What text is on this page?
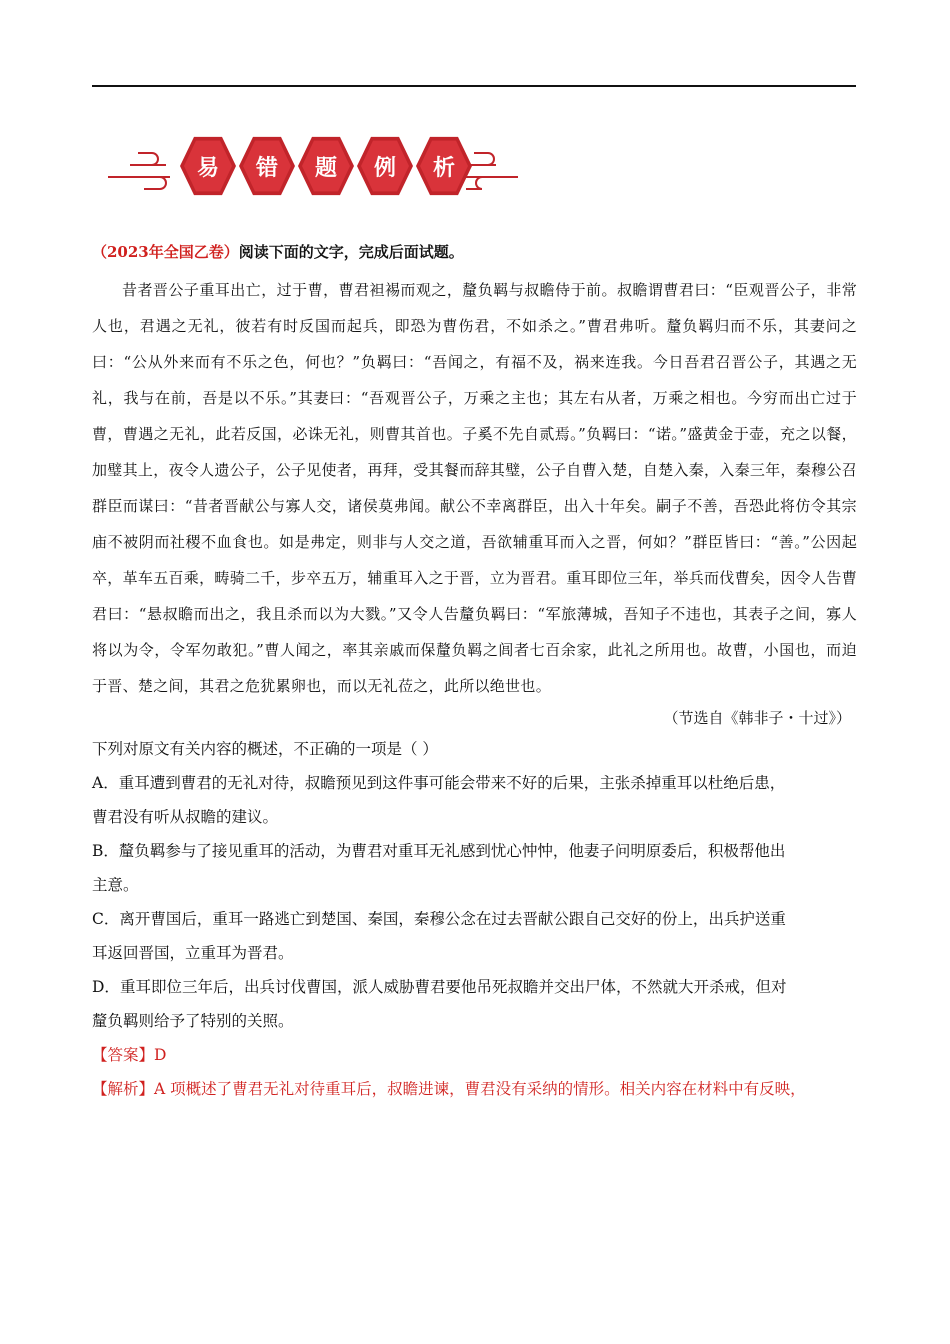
易 错 题 例 析

（2023年全国乙卷）阅读下面的文字，完成后面试题。

昔者晋公子重耳出亡，过于曹，曹君袒裼而观之，釐负羁与叔瞻侍于前。叔瞻谓曹君曰：“臣观晋公子，非常人也，君遇之无礼，彼若有时反国而起兵，即恐为曹伤君，不如杀之。”曹君弗听。釐负羁归而不乐，其妻问之曰：“公从外来而有不乐之色，何也？”负羁曰：“吾闻之，有福不及，祸来连我。今日吾君召晋公子，其遇之无礼，我与在前，吾是以不乐。”其妻曰：“吾观晋公子，万乘之主也；其左右从者，万乘之相也。今穷而出亡过于曹，曹遇之无礼，此若反国，必诛无礼，则曹其首也。子奚不先自贰焉。”负羁曰：“诺。”盛黄金于壶，充之以餐，加璧其上，夜令人遗公子，公子见使者，再拜，受其餐而辞其璧，公子自曹入楚，自楚入秦，入秦三年，秦穆公召群臣而谋曰：“昔者晋献公与寡人交，诸侯莫弗闻。献公不幸离群臣，出入十年矣。嗣子不善，吾恐此将仿令其宗庙不被阴而社稷不血食也。如是弗定，则非与人交之道，吾欲辅重耳而入之晋，何如？”群臣皆曰：“善。”公因起卒，革车五百乘，畴骑二千，步卒五万，辅重耳入之于晋，立为晋君。重耳即位三年，举兵而伐曹矣，因令人告曹君曰：“悬叔瞻而出之，我且杀而以为大戮。”又令人告釐负羁曰：“军旅薄城，吾知子不违也，其表子之间，寡人将以为令，令军勿敢犯。”曹人闻之，率其亲戚而保釐负羁之闾者七百余家，此礼之所用也。故曹，小国也，而迫于晋、楚之间，其君之危犹累卵也，而以无礼莅之，此所以绝世也。

（节选自《韩非子・十过》）

下列对原文有关内容的概述，不正确的一项是（ ）

A．重耳遭到曹君的无礼对待，叔瞻预见到这件事可能会带来不好的后果，主张杀掉重耳以杜绝后患，
曹君没有听从叔瞻的建议。

B．釐负羁参与了接见重耳的活动，为曹君对重耳无礼感到忧心忡忡，他妻子问明原委后，积极帮他出
主意。

C．离开曹国后，重耳一路逃亡到楚国、秦国，秦穆公念在过去晋献公跟自己交好的份上，出兵护送重
耳返回晋国，立重耳为晋君。

D．重耳即位三年后，出兵讨伐曹国，派人威胁曹君要他吊死叔瞻并交出尸体，不然就大开杀戒，但对
釐负羁则给予了特别的关照。

【答案】D

【解析】A 项概述了曹君无礼对待重耳后，叔瞻进谏，曹君没有采纳的情形。相关内容在材料中有反映，
